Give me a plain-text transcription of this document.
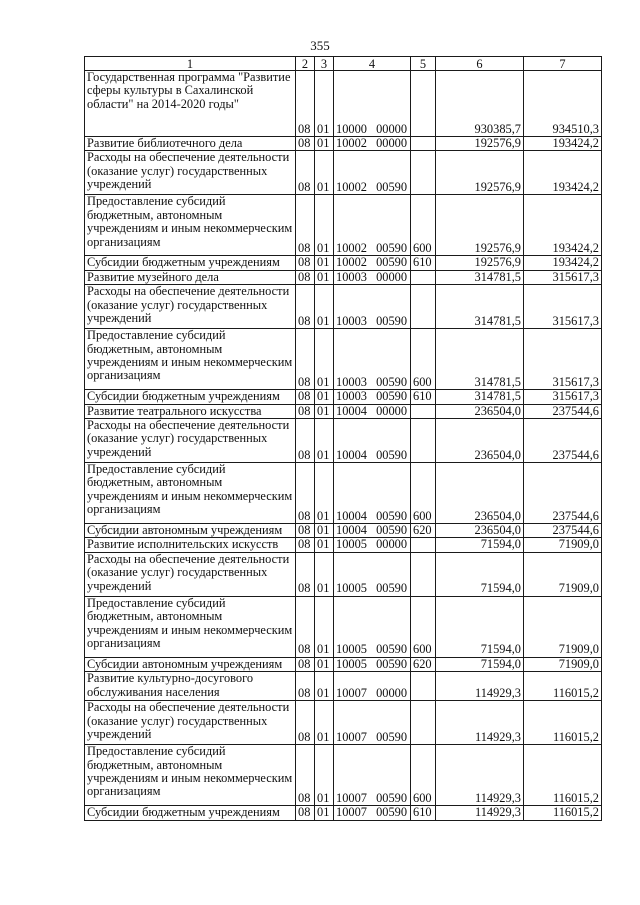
355
1	2	3	4	5	6	7
Государственная программа "Развитие сферы культуры в Сахалинской области" на 2014-2020 годы"	08	01	10000 00000		930385,7	934510,3
Развитие библиотечного дела	08	01	10002 00000		192576,9	193424,2
Расходы на обеспечение деятельности (оказание услуг) государственных учреждений	08	01	10002 00590		192576,9	193424,2
Предоставление субсидий бюджетным, автономным учреждениям и иным некоммерческим организациям	08	01	10002 00590	600	192576,9	193424,2
Субсидии бюджетным учреждениям	08	01	10002 00590	610	192576,9	193424,2
Развитие музейного дела	08	01	10003 00000		314781,5	315617,3
Расходы на обеспечение деятельности (оказание услуг) государственных учреждений	08	01	10003 00590		314781,5	315617,3
Предоставление субсидий бюджетным, автономным учреждениям и иным некоммерческим организациям	08	01	10003 00590	600	314781,5	315617,3
Субсидии бюджетным учреждениям	08	01	10003 00590	610	314781,5	315617,3
Развитие театрального искусства	08	01	10004 00000		236504,0	237544,6
Расходы на обеспечение деятельности (оказание услуг) государственных учреждений	08	01	10004 00590		236504,0	237544,6
Предоставление субсидий бюджетным, автономным учреждениям и иным некоммерческим организациям	08	01	10004 00590	600	236504,0	237544,6
Субсидии автономным учреждениям	08	01	10004 00590	620	236504,0	237544,6
Развитие исполнительских искусств	08	01	10005 00000		71594,0	71909,0
Расходы на обеспечение деятельности (оказание услуг) государственных учреждений	08	01	10005 00590		71594,0	71909,0
Предоставление субсидий бюджетным, автономным учреждениям и иным некоммерческим организациям	08	01	10005 00590	600	71594,0	71909,0
Субсидии автономным учреждениям	08	01	10005 00590	620	71594,0	71909,0
Развитие культурно-досугового обслуживания населения	08	01	10007 00000		114929,3	116015,2
Расходы на обеспечение деятельности (оказание услуг) государственных учреждений	08	01	10007 00590		114929,3	116015,2
Предоставление субсидий бюджетным, автономным учреждениям и иным некоммерческим организациям	08	01	10007 00590	600	114929,3	116015,2
Субсидии бюджетным учреждениям	08	01	10007 00590	610	114929,3	116015,2
